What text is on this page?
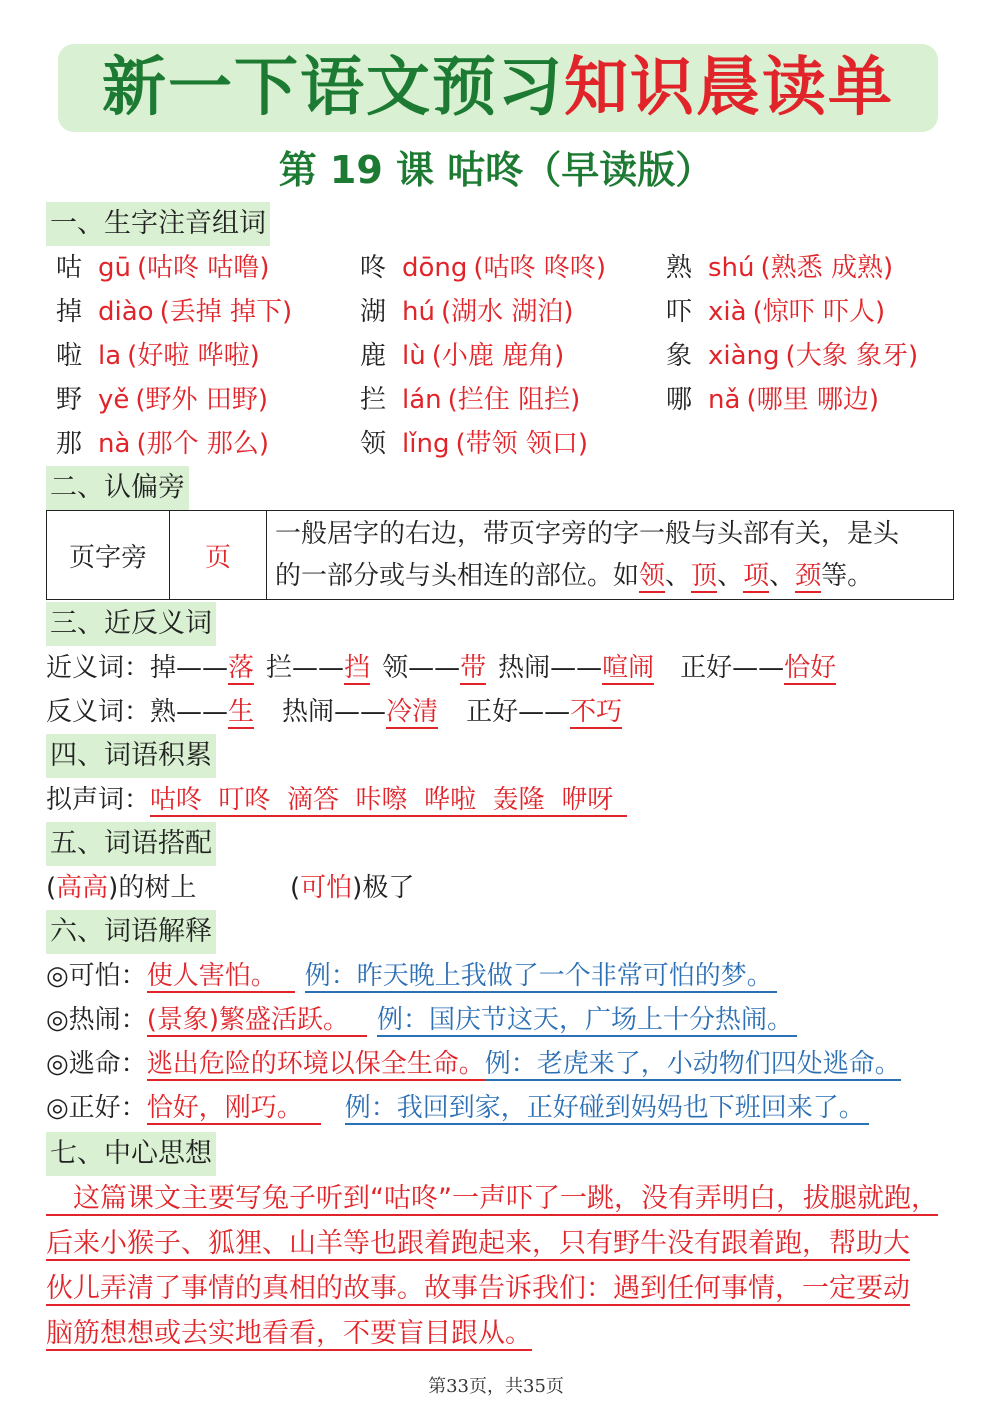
新一下语文预习知识晨读单
第 19 课 咕咚（早读版）
一、生字注音组词
咕 gū (咕咚 咕噜)	咚 dōng (咕咚 咚咚) 熟 shú (熟悉 成熟)
掉 diào (丢掉 掉下)	湖 hú (湖水 湖泊)	吓 xià (惊吓 吓人)
啦 la (好啦 哗啦)	鹿 lù (小鹿 鹿角)	象 xiàng (大象 象牙)
野 yě (野外 田野)	拦 lán (拦住 阻拦)	哪 nǎ (哪里 哪边)
那 nà (那个 那么)	领 lǐng (带领 领口)
二、认偏旁
页字旁	页	
一般居字的右边，带页字旁的字一般与头部有关，是头
的一部分或与头相连的部位。如领、顶、项、颈等。
三、近反义词
近义词：掉——落 拦——挡 领——带 热闹——喧闹 正好——恰好
反义词：熟——生 热闹——冷清 正好——不巧
四、词语积累
拟声词：咕咚  叮咚  滴答  咔嚓  哗啦  轰隆  咿呀
五、词语搭配
(高高)的树上	(可怕)极了
六、词语解释
◎可怕：使人害怕。 例：昨天晚上我做了一个非常可怕的梦。
◎热闹：(景象)繁盛活跃。 例：国庆节这天，广场上十分热闹。
◎逃命：逃出危险的环境以保全生命。例：老虎来了，小动物们四处逃命。
◎正好：恰好，刚巧。 例：我回到家，正好碰到妈妈也下班回来了。
七、中心思想
　这篇课文主要写兔子听到“咕咚”一声吓了一跳，没有弄明白，拔腿就跑，
后来小猴子、狐狸、山羊等也跟着跑起来，只有野牛没有跟着跑，帮助大
伙儿弄清了事情的真相的故事。故事告诉我们：遇到任何事情，一定要动
脑筋想想或去实地看看，不要盲目跟从。
第33页，共35页
